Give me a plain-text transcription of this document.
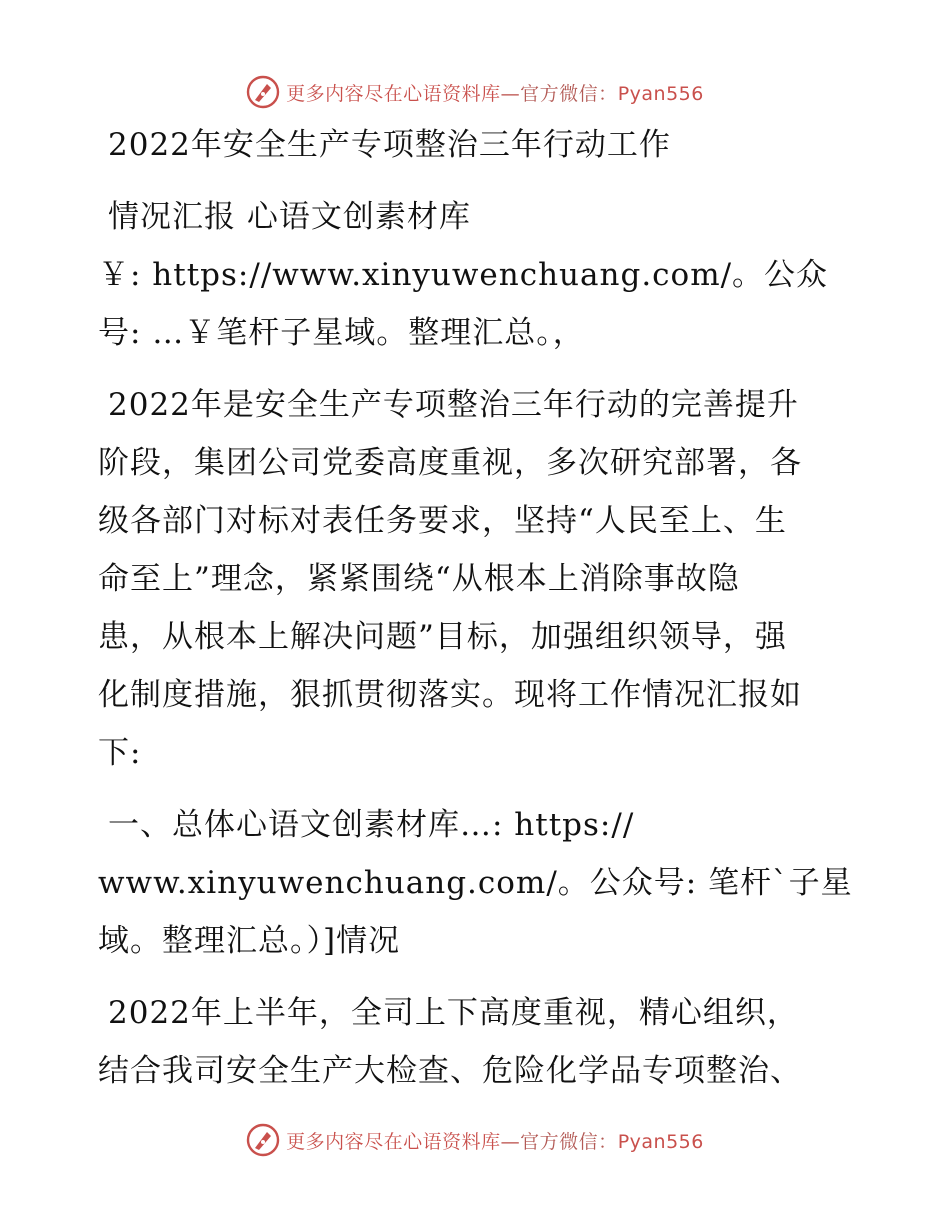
更多内容尽在心语资料库—官方微信：Pyan556
2022年安全生产专项整治三年行动工作
情况汇报 心语文创素材库
￥: https://www.xinyuwenchuang.com/。公众
号: …￥笔杆子星域。整理汇总。，
2022年是安全生产专项整治三年行动的完善提升
阶段，集团公司党委高度重视，多次研究部署，各
级各部门对标对表任务要求，坚持“人民至上、生
命至上”理念，紧紧围绕“从根本上消除事故隐
患，从根本上解决问题”目标，加强组织领导，强
化制度措施，狠抓贯彻落实。现将工作情况汇报如
下:
一、总体心语文创素材库…: https://
www.xinyuwenchuang.com/。公众号: 笔杆`子星
域。整理汇总。）]情况
2022年上半年，全司上下高度重视，精心组织，
结合我司安全生产大检查、危险化学品专项整治、
更多内容尽在心语资料库—官方微信：Pyan556
